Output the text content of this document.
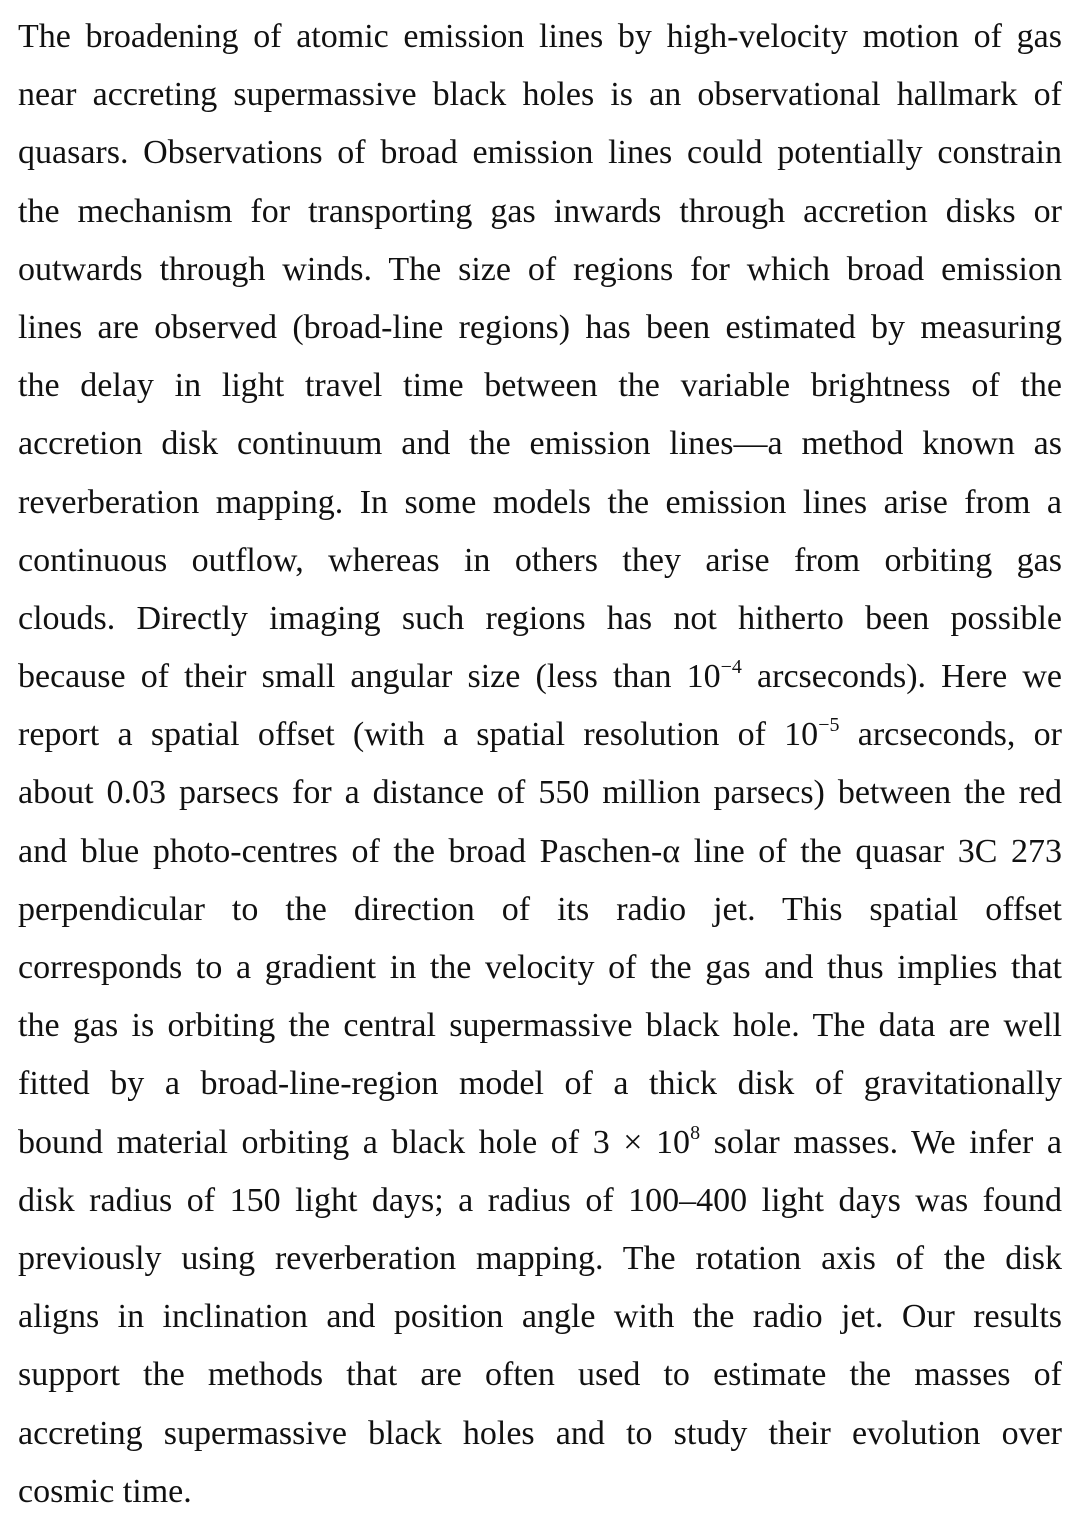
The broadening of atomic emission lines by high-velocity motion of gas
near accreting supermassive black holes is an observational hallmark of
quasars. Observations of broad emission lines could potentially constrain
the mechanism for transporting gas inwards through accretion disks or
outwards through winds. The size of regions for which broad emission
lines are observed (broad-line regions) has been estimated by measuring
the delay in light travel time between the variable brightness of the
accretion disk continuum and the emission lines—a method known as
reverberation mapping. In some models the emission lines arise from a
continuous outflow, whereas in others they arise from orbiting gas
clouds. Directly imaging such regions has not hitherto been possible
because of their small angular size (less than $10^{-4}$ arcseconds). Here we
report a spatial offset (with a spatial resolution of $10^{-5}$ arcseconds, or
about 0.03 parsecs for a distance of 550 million parsecs) between the red
and blue photo-centres of the broad Paschen-α line of the quasar 3C 273
perpendicular to the direction of its radio jet. This spatial offset
corresponds to a gradient in the velocity of the gas and thus implies that
the gas is orbiting the central supermassive black hole. The data are well
fitted by a broad-line-region model of a thick disk of gravitationally
bound material orbiting a black hole of $3 \times 10^8$ solar masses. We infer a
disk radius of 150 light days; a radius of 100–400 light days was found
previously using reverberation mapping. The rotation axis of the disk
aligns in inclination and position angle with the radio jet. Our results
support the methods that are often used to estimate the masses of
accreting supermassive black holes and to study their evolution over
cosmic time.
